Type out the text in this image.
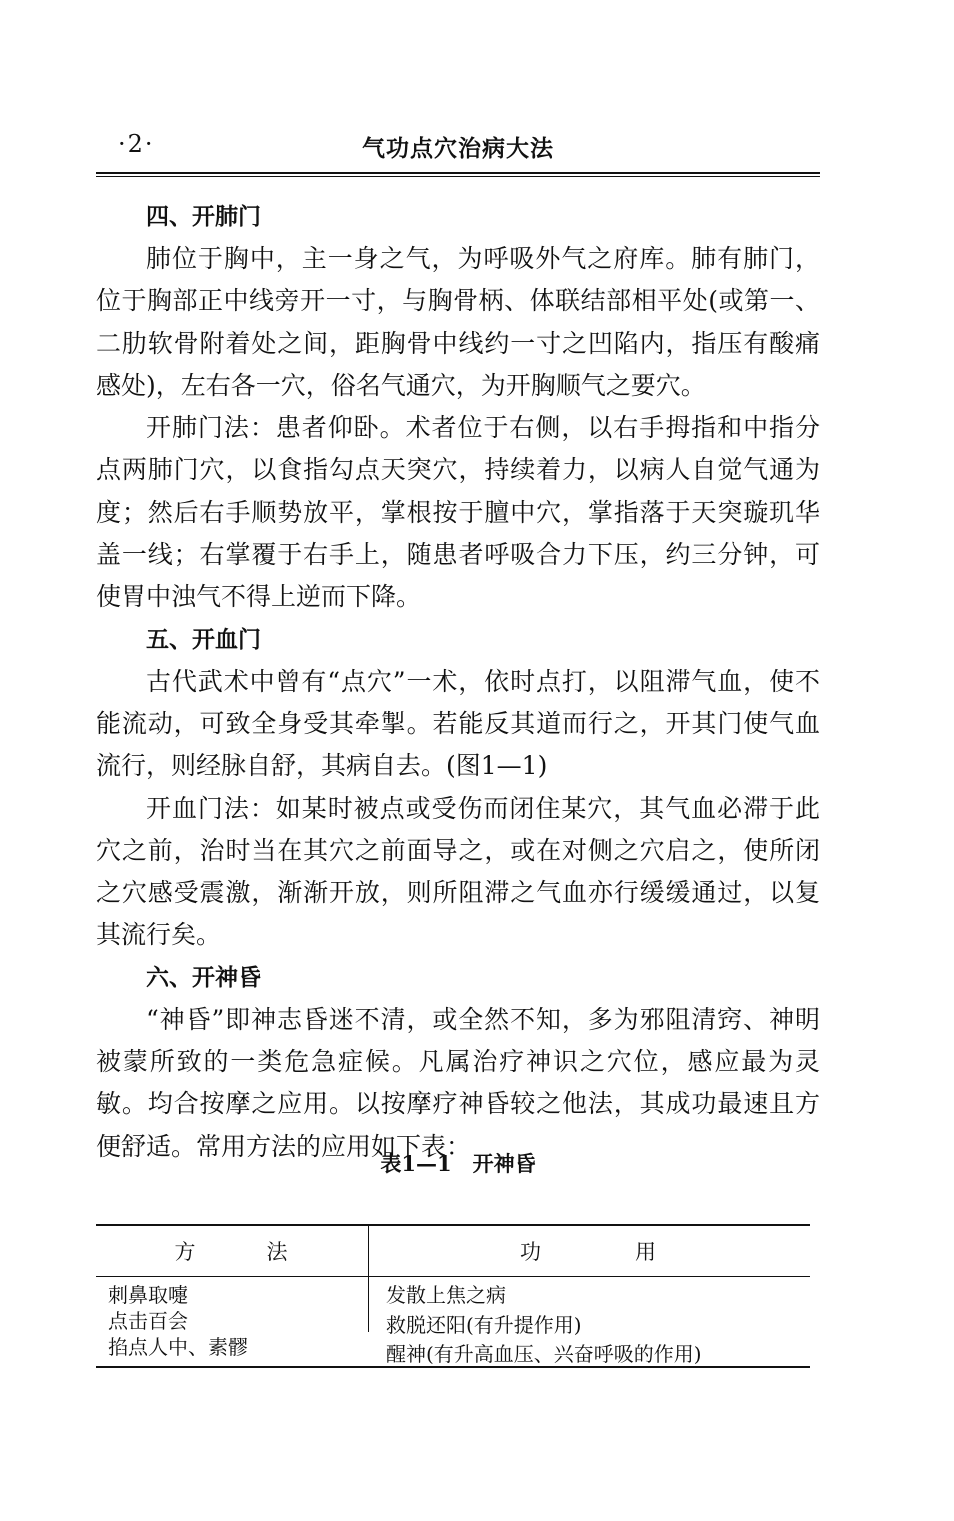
·2·	气功点穴治病大法
四、开肺门

肺位于胸中，主一身之气，为呼吸外气之府库。肺有肺门，位于胸部正中线旁开一寸，与胸骨柄、体联结部相平处(或第一、二肋软骨附着处之间，距胸骨中线约一寸之凹陷内，指压有酸痛感处)，左右各一穴，俗名气通穴，为开胸顺气之要穴。

开肺门法：患者仰卧。术者位于右侧，以右手拇指和中指分点两肺门穴，以食指勾点天突穴，持续着力，以病人自觉气通为度；然后右手顺势放平，掌根按于膻中穴，掌指落于天突璇玑华盖一线；右掌覆于右手上，随患者呼吸合力下压，约三分钟，可使胃中浊气不得上逆而下降。

五、开血门

古代武术中曾有“点穴”一术，依时点打，以阻滞气血，使不能流动，可致全身受其牵掣。若能反其道而行之，开其门使气血流行，则经脉自舒，其病自去。(图1—1)

开血门法：如某时被点或受伤而闭住某穴，其气血必滞于此穴之前，治时当在其穴之前面导之，或在对侧之穴启之，使所闭之穴感受震激，渐渐开放，则所阻滞之气血亦行缓缓通过，以复其流行矣。

六、开神昏

“神昏”即神志昏迷不清，或全然不知，多为邪阻清窍、神明被蒙所致的一类危急症候。凡属治疗神识之穴位，感应最为灵敏。均合按摩之应用。以按摩疗神昏较之他法，其成功最速且方便舒适。常用方法的应用如下表：

表1—1　开神昏
方　　　法	功　　　　用
刺鼻取嚏	发散上焦之病
点击百会	救脱还阳(有升提作用)
掐点人中、素髎	醒神(有升高血压、兴奋呼吸的作用)
